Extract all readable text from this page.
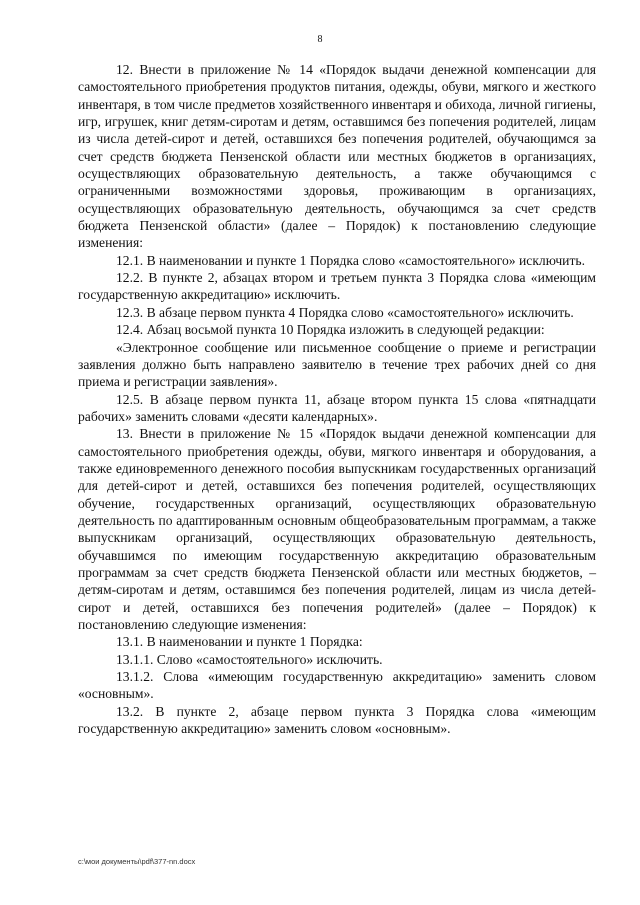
8

12. Внести в приложение № 14 «Порядок выдачи денежной компенсации для самостоятельного приобретения продуктов питания, одежды, обуви, мягкого и жесткого инвентаря, в том числе предметов хозяйственного инвентаря и обихода, личной гигиены, игр, игрушек, книг детям-сиротам и детям, оставшимся без попечения родителей, лицам из числа детей-сирот и детей, оставшихся без попечения родителей, обучающимся за счет средств бюджета Пензенской области или местных бюджетов в организациях, осуществляющих образовательную деятельность, а также обучающимся с ограниченными возможностями здоровья, проживающим в организациях, осуществляющих образовательную деятельность, обучающимся за счет средств бюджета Пензенской области» (далее – Порядок) к постановлению следующие изменения:

12.1. В наименовании и пункте 1 Порядка слово «самостоятельного» исключить.

12.2. В пункте 2, абзацах втором и третьем пункта 3 Порядка слова «имеющим государственную аккредитацию» исключить.

12.3. В абзаце первом пункта 4 Порядка слово «самостоятельного» исключить.

12.4. Абзац восьмой пункта 10 Порядка изложить в следующей редакции:

«Электронное сообщение или письменное сообщение о приеме и регистрации заявления должно быть направлено заявителю в течение трех рабочих дней со дня приема и регистрации заявления».

12.5. В абзаце первом пункта 11, абзаце втором пункта 15 слова «пятнадцати рабочих» заменить словами «десяти календарных».

13. Внести в приложение № 15 «Порядок выдачи денежной компенсации для самостоятельного приобретения одежды, обуви, мягкого инвентаря и оборудования, а также единовременного денежного пособия выпускникам государственных организаций для детей-сирот и детей, оставшихся без попечения родителей, осуществляющих обучение, государственных организаций, осуществляющих образовательную деятельность по адаптированным основным общеобразовательным программам, а также выпускникам организаций, осуществляющих образовательную деятельность, обучавшимся по имеющим государственную аккредитацию образовательным программам за счет средств бюджета Пензенской области или местных бюджетов, – детям-сиротам и детям, оставшимся без попечения родителей, лицам из числа детей-сирот и детей, оставшихся без попечения родителей» (далее – Порядок) к постановлению следующие изменения:

13.1. В наименовании и пункте 1 Порядка:

13.1.1. Слово «самостоятельного» исключить.

13.1.2. Слова «имеющим государственную аккредитацию» заменить словом «основным».

13.2. В пункте 2, абзаце первом пункта 3 Порядка слова «имеющим государственную аккредитацию» заменить словом «основным».

c:\мои документы\pdf\377-nn.docx
